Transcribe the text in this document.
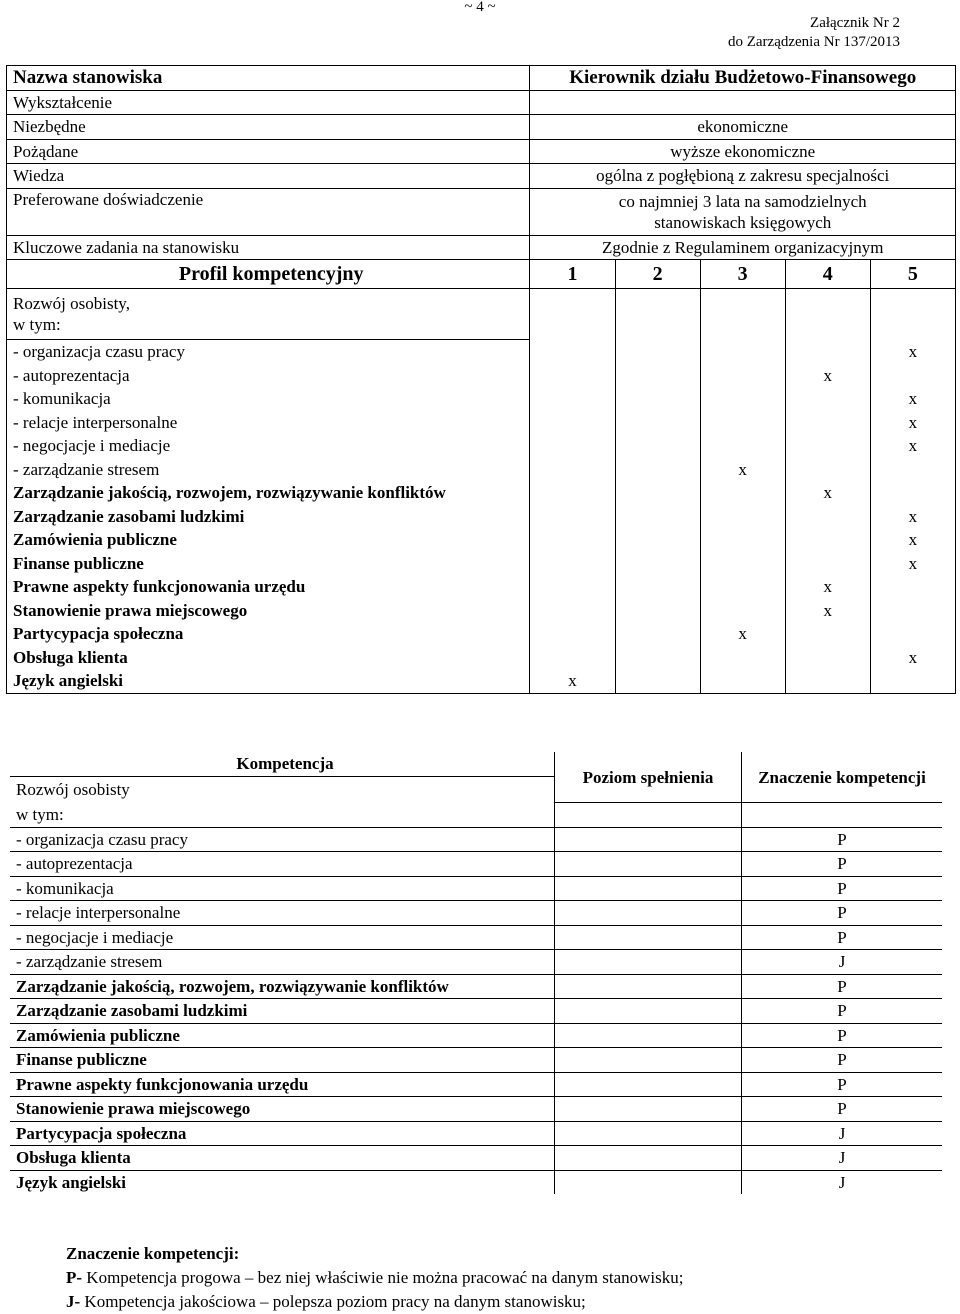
~ 4 ~
Załącznik Nr 2
do Zarządzenia Nr 137/2013
Nazwa stanowiska	Kierownik działu Budżetowo-Finansowego				
Wykształcenie					
Niezbędne	ekonomiczne				
Pożądane	wyższe ekonomiczne				
Wiedza	ogólna z pogłębioną z zakresu specjalności				
Preferowane doświadczenie	co najmniej 3 lata na samodzielnych
stanowiskach księgowych				

Kluczowe zadania na stanowisku	Zgodnie z Regulaminem organizacyjnym				
Profil kompetencyjny	1	2	3	4	5

Rozwój osobisty,
w tym:					

- organizacja czasu pracy					x
- autoprezentacja				x	
- komunikacja					x
- relacje interpersonalne					x
- negocjacje i mediacje					x
- zarządzanie stresem			x		
Zarządzanie jakością, rozwojem, rozwiązywanie konfliktów				x	
Zarządzanie zasobami ludzkimi					x
Zamówienia publiczne					x
Finanse publiczne					x
Prawne aspekty funkcjonowania urzędu				x	
Stanowienie prawa miejscowego				x	
Partycypacja społeczna			x		
Obsługa klienta					x
Język angielski	x				
Kompetencja	Poziom spełnienia	Znaczenie kompetencji
Rozwój osobisty		
w tym:		
- organizacja czasu pracy		P
- autoprezentacja		P
- komunikacja		P
- relacje interpersonalne		P
- negocjacje i mediacje		P
- zarządzanie stresem		J
Zarządzanie jakością, rozwojem, rozwiązywanie konfliktów		P
Zarządzanie zasobami ludzkimi		P
Zamówienia publiczne		P
Finanse publiczne		P
Prawne aspekty funkcjonowania urzędu		P
Stanowienie prawa miejscowego		P
Partycypacja społeczna		J
Obsługa klienta		J
Język angielski		J
Znaczenie kompetencji:
P- Kompetencja progowa – bez niej właściwie nie można pracować na danym stanowisku;
J- Kompetencja jakościowa – polepsza poziom pracy na danym stanowisku;
